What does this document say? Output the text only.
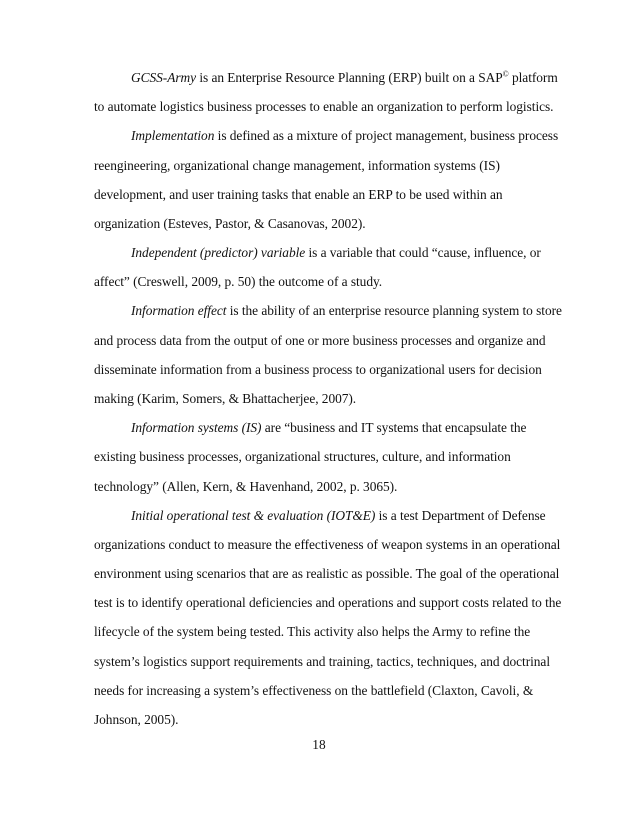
GCSS-Army is an Enterprise Resource Planning (ERP) built on a SAP© platform
to automate logistics business processes to enable an organization to perform logistics.
Implementation is defined as a mixture of project management, business process
reengineering, organizational change management, information systems (IS)
development, and user training tasks that enable an ERP to be used within an
organization (Esteves, Pastor, & Casanovas, 2002).
Independent (predictor) variable is a variable that could “cause, influence, or
affect” (Creswell, 2009, p. 50) the outcome of a study.
Information effect is the ability of an enterprise resource planning system to store
and process data from the output of one or more business processes and organize and
disseminate information from a business process to organizational users for decision
making (Karim, Somers, & Bhattacherjee, 2007).
Information systems (IS) are “business and IT systems that encapsulate the
existing business processes, organizational structures, culture, and information
technology” (Allen, Kern, & Havenhand, 2002, p. 3065).
Initial operational test & evaluation (IOT&E) is a test Department of Defense
organizations conduct to measure the effectiveness of weapon systems in an operational
environment using scenarios that are as realistic as possible. The goal of the operational
test is to identify operational deficiencies and operations and support costs related to the
lifecycle of the system being tested. This activity also helps the Army to refine the
system’s logistics support requirements and training, tactics, techniques, and doctrinal
needs for increasing a system’s effectiveness on the battlefield (Claxton, Cavoli, &
Johnson, 2005).
18
